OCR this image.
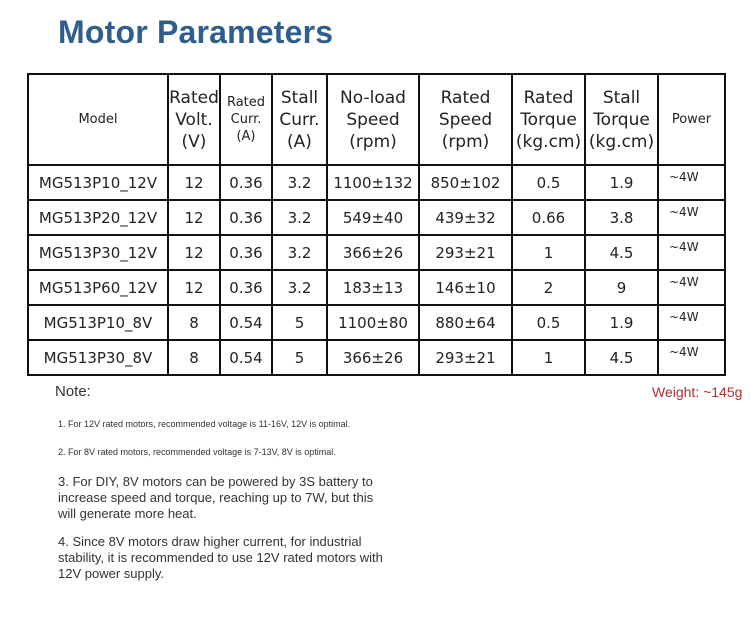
Motor Parameters
Model	Rated
Volt.
(V)	Rated
Curr.
(A)	Stall
Curr.
(A)	No-load
Speed
(rpm)	Rated
Speed
(rpm)	Rated
Torque
(kg.cm)	Stall
Torque
(kg.cm)	Power
MG513P10_12V	12	0.36	3.2	1100±132	850±102	0.5	1.9	~4W
MG513P20_12V	12	0.36	3.2	549±40	439±32	0.66	3.8	~4W
MG513P30_12V	12	0.36	3.2	366±26	293±21	1	4.5	~4W
MG513P60_12V	12	0.36	3.2	183±13	146±10	2	9	~4W
MG513P10_8V	8	0.54	5	1100±80	880±64	0.5	1.9	~4W
MG513P30_8V	8	0.54	5	366±26	293±21	1	4.5	~4W
Note:	Weight: ~145g
1. For 12V rated motors, recommended voltage is 11-16V, 12V is optimal.
2. For 8V rated motors, recommended voltage is 7-13V, 8V is optimal.
3. For DIY, 8V motors can be powered by 3S battery to increase speed and torque, reaching up to 7W, but this will generate more heat.
4. Since 8V motors draw higher current, for industrial stability, it is recommended to use 12V rated motors with 12V power supply.
